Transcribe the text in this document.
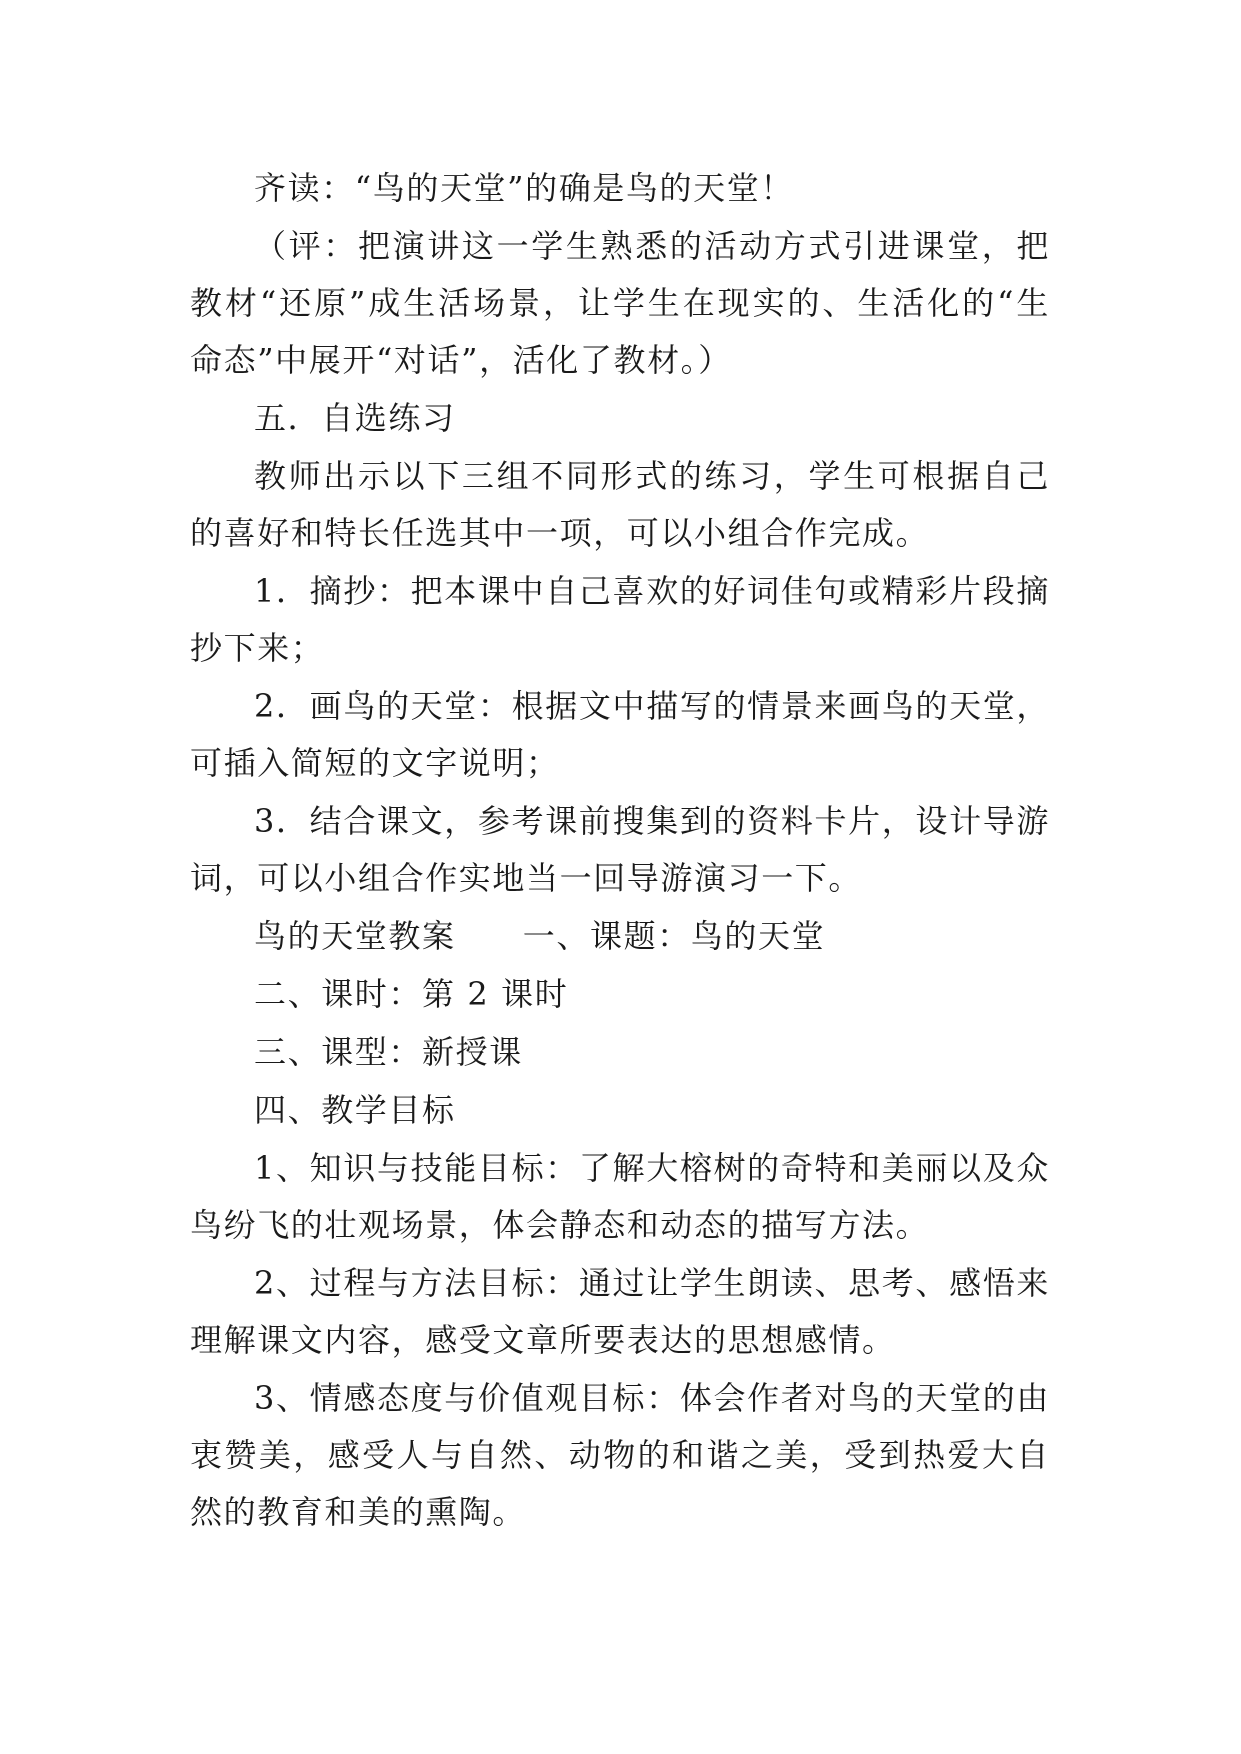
齐读：“鸟的天堂”的确是鸟的天堂！

（评：把演讲这一学生熟悉的活动方式引进课堂，把教材“还原”成生活场景，让学生在现实的、生活化的“生命态”中展开“对话”，活化了教材。）

五．自选练习

教师出示以下三组不同形式的练习，学生可根据自己的喜好和特长任选其中一项，可以小组合作完成。

1．摘抄：把本课中自己喜欢的好词佳句或精彩片段摘抄下来；

2．画鸟的天堂：根据文中描写的情景来画鸟的天堂，可插入简短的文字说明；

3．结合课文，参考课前搜集到的资料卡片，设计导游词，可以小组合作实地当一回导游演习一下。

鸟的天堂教案　　一、课题：鸟的天堂

二、课时：第 2 课时

三、课型：新授课

四、教学目标

1、知识与技能目标：了解大榕树的奇特和美丽以及众鸟纷飞的壮观场景，体会静态和动态的描写方法。

2、过程与方法目标：通过让学生朗读、思考、感悟来理解课文内容，感受文章所要表达的思想感情。

3、情感态度与价值观目标：体会作者对鸟的天堂的由衷赞美，感受人与自然、动物的和谐之美，受到热爱大自然的教育和美的熏陶。
